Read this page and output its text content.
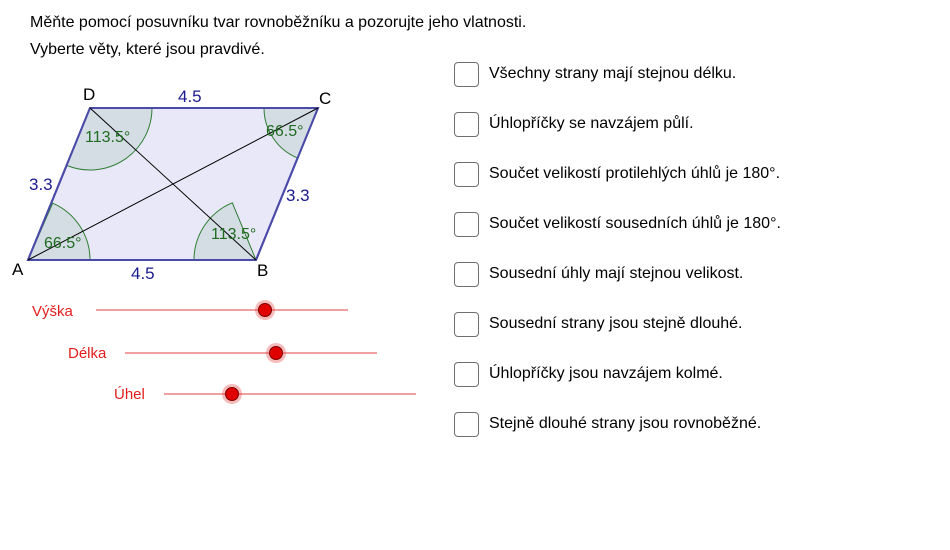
Měňte pomocí posuvníku tvar rovnoběžníku a pozorujte jeho vlatnosti.
Vyberte věty, které jsou pravdivé.
A	B
C
D	4.5
4.5
3.3
3.3
66.5°
113.5°
66.5°
113.5°
Výška
Délka
Úhel
Všechny strany mají stejnou délku.
Úhlopříčky se navzájem půlí.
Součet velikostí protilehlých úhlů je 180°.
Součet velikostí sousedních úhlů je 180°.
Sousední úhly mají stejnou velikost.
Sousední strany jsou stejně dlouhé.
Úhlopříčky jsou navzájem kolmé.
Stejně dlouhé strany jsou rovnoběžné.
